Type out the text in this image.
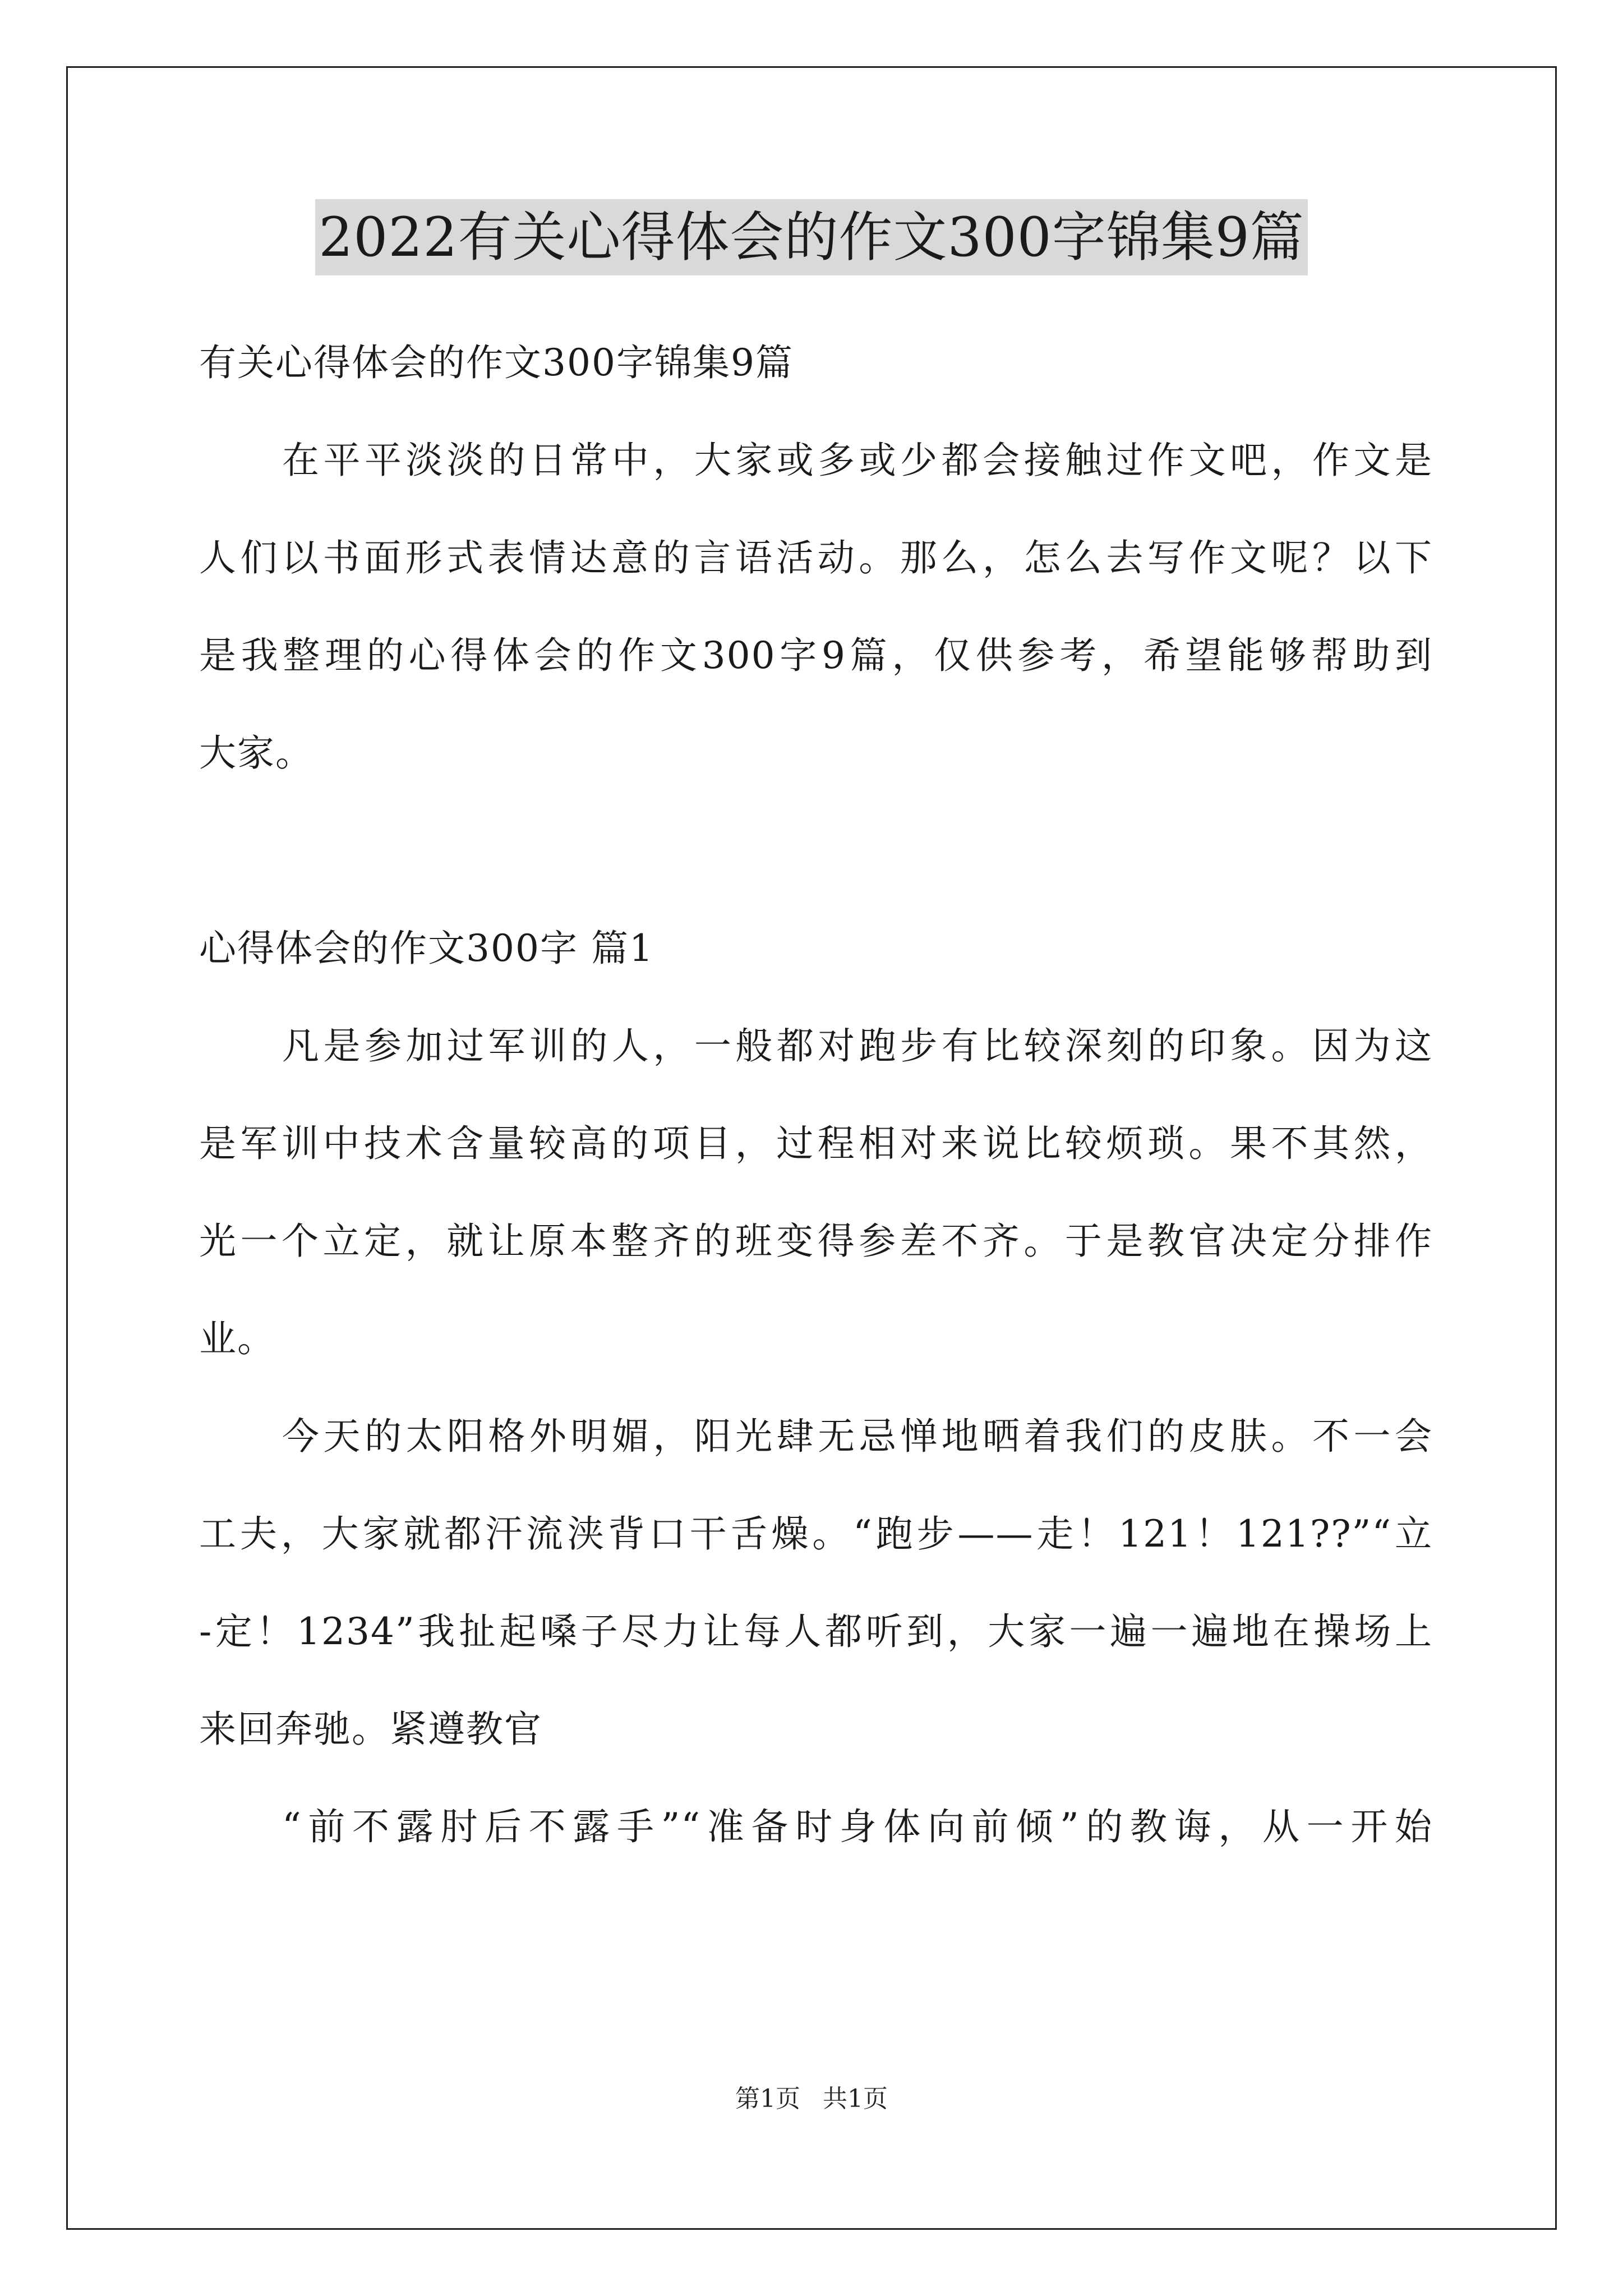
2022有关心得体会的作文300字锦集9篇
有关心得体会的作文300字锦集9篇
在平平淡淡的日常中，大家或多或少都会接触过作文吧，作文是
人们以书面形式表情达意的言语活动。那么，怎么去写作文呢？以下
是我整理的心得体会的作文300字9篇，仅供参考，希望能够帮助到
大家。
心得体会的作文300字 篇1
凡是参加过军训的人，一般都对跑步有比较深刻的印象。因为这
是军训中技术含量较高的项目，过程相对来说比较烦琐。果不其然，
光一个立定，就让原本整齐的班变得参差不齐。于是教官决定分排作
业。
今天的太阳格外明媚，阳光肆无忌惮地晒着我们的皮肤。不一会
工夫，大家就都汗流浃背口干舌燥。“跑步——走！121！121??”“立
-定！1234”我扯起嗓子尽力让每人都听到，大家一遍一遍地在操场上
来回奔驰。紧遵教官
“前不露肘后不露手”“准备时身体向前倾”的教诲，从一开始
第1页 共1页
